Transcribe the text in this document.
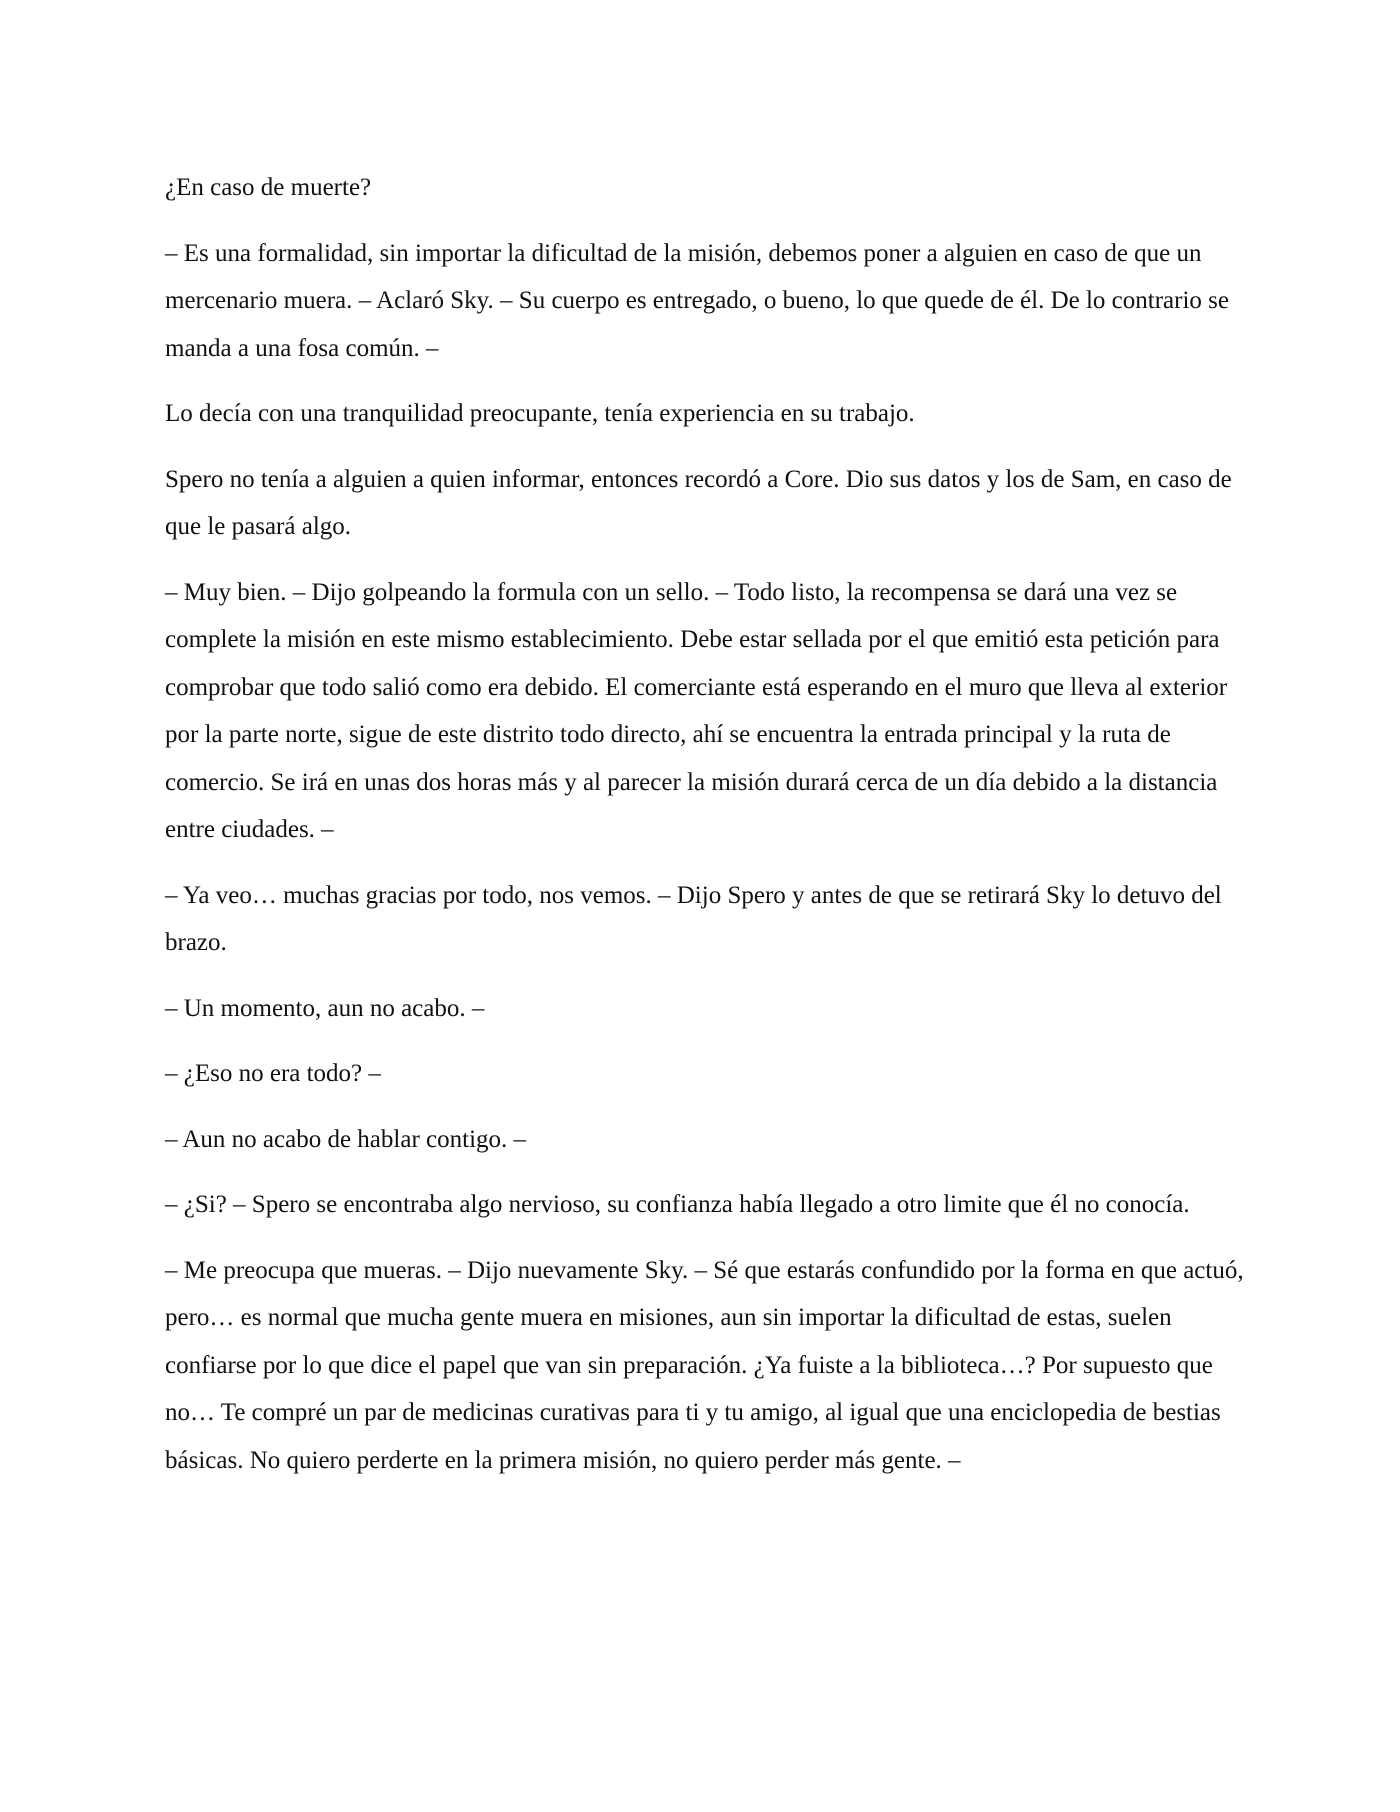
¿En caso de muerte?

– Es una formalidad, sin importar la dificultad de la misión, debemos poner a alguien en caso de que un mercenario muera. – Aclaró Sky. – Su cuerpo es entregado, o bueno, lo que quede de él. De lo contrario se manda a una fosa común. –

Lo decía con una tranquilidad preocupante, tenía experiencia en su trabajo.

Spero no tenía a alguien a quien informar, entonces recordó a Core. Dio sus datos y los de Sam, en caso de que le pasará algo.

– Muy bien. – Dijo golpeando la formula con un sello. – Todo listo, la recompensa se dará una vez se complete la misión en este mismo establecimiento. Debe estar sellada por el que emitió esta petición para comprobar que todo salió como era debido. El comerciante está esperando en el muro que lleva al exterior por la parte norte, sigue de este distrito todo directo, ahí se encuentra la entrada principal y la ruta de comercio. Se irá en unas dos horas más y al parecer la misión durará cerca de un día debido a la distancia entre ciudades. –

– Ya veo… muchas gracias por todo, nos vemos. – Dijo Spero y antes de que se retirará Sky lo detuvo del brazo.

– Un momento, aun no acabo. –

– ¿Eso no era todo? –

– Aun no acabo de hablar contigo. –

– ¿Si? – Spero se encontraba algo nervioso, su confianza había llegado a otro limite que él no conocía.

– Me preocupa que mueras. – Dijo nuevamente Sky. – Sé que estarás confundido por la forma en que actuó, pero… es normal que mucha gente muera en misiones, aun sin importar la dificultad de estas, suelen confiarse por lo que dice el papel que van sin preparación. ¿Ya fuiste a la biblioteca…? Por supuesto que no… Te compré un par de medicinas curativas para ti y tu amigo, al igual que una enciclopedia de bestias básicas. No quiero perderte en la primera misión, no quiero perder más gente. –
